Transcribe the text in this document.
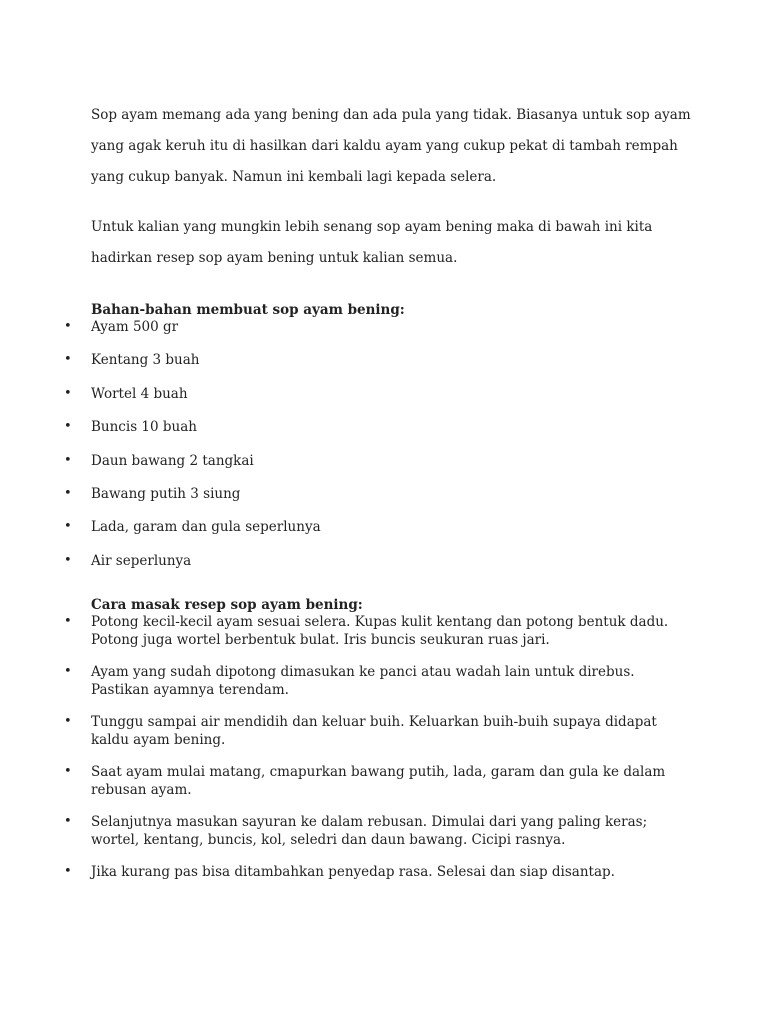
Sop ayam memang ada yang bening dan ada pula yang tidak. Biasanya untuk sop ayam yang agak keruh itu di hasilkan dari kaldu ayam yang cukup pekat di tambah rempah yang cukup banyak. Namun ini kembali lagi kepada selera.

Untuk kalian yang mungkin lebih senang sop ayam bening maka di bawah ini kita hadirkan resep sop ayam bening untuk kalian semua.

Bahan-bahan membuat sop ayam bening:
• Ayam 500 gr
• Kentang 3 buah
• Wortel 4 buah
• Buncis 10 buah
• Daun bawang 2 tangkai
• Bawang putih 3 siung
• Lada, garam dan gula seperlunya
• Air seperlunya
Cara masak resep sop ayam bening:
• Potong kecil-kecil ayam sesuai selera. Kupas kulit kentang dan potong bentuk dadu. Potong juga wortel berbentuk bulat. Iris buncis seukuran ruas jari.
• Ayam yang sudah dipotong dimasukan ke panci atau wadah lain untuk direbus. Pastikan ayamnya terendam.
• Tunggu sampai air mendidih dan keluar buih. Keluarkan buih-buih supaya didapat kaldu ayam bening.
• Saat ayam mulai matang, cmapurkan bawang putih, lada, garam dan gula ke dalam rebusan ayam.
• Selanjutnya masukan sayuran ke dalam rebusan. Dimulai dari yang paling keras; wortel, kentang, buncis, kol, seledri dan daun bawang. Cicipi rasnya.
• Jika kurang pas bisa ditambahkan penyedap rasa. Selesai dan siap disantap.
